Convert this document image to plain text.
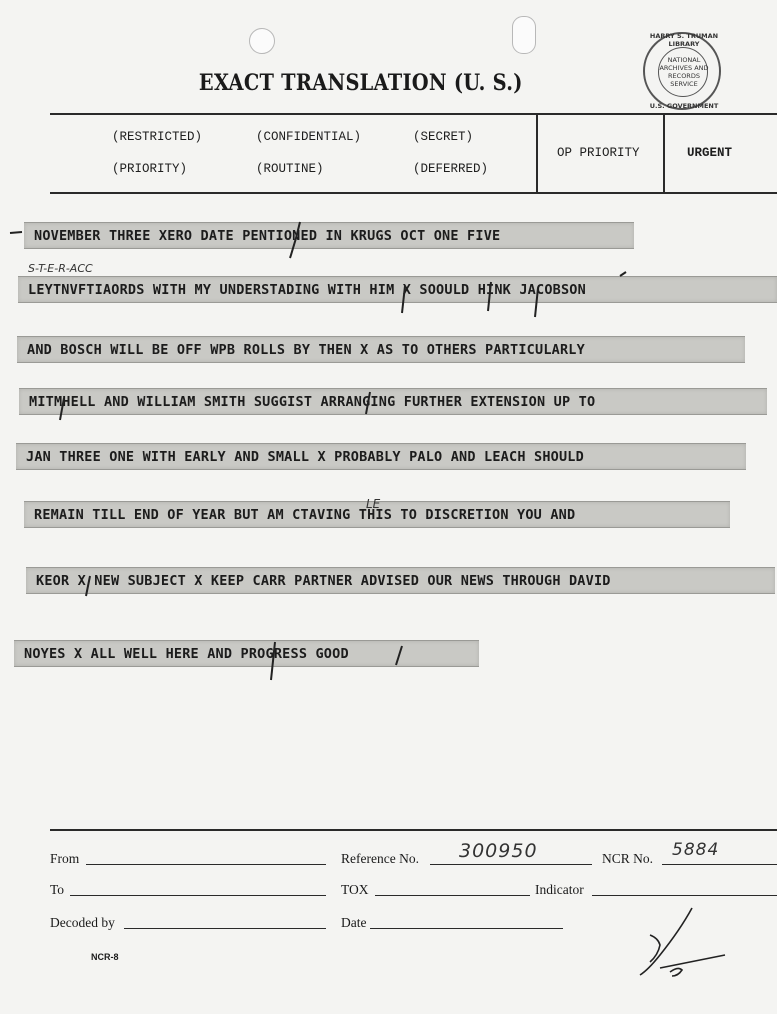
EXACT TRANSLATION (U. S.)
HARRY S. TRUMAN LIBRARY
NATIONAL ARCHIVES AND RECORDS SERVICE
U.S. GOVERNMENT
(RESTRICTED)	(CONFIDENTIAL)	(SECRET)
(PRIORITY)	(ROUTINE)	(DEFERRED)
OP PRIORITY	URGENT
NOVEMBER THREE XERO DATE PENTIONED IN KRUGS OCT ONE FIVE
LEYTNVFTIAORDS WITH MY UNDERSTADING WITH HIM X SOOULD HINK JACOBSON
AND BOSCH WILL BE OFF WPB ROLLS BY THEN X AS TO OTHERS PARTICULARLY
MITMHELL AND WILLIAM SMITH SUGGIST ARRANGING FURTHER EXTENSION UP TO
JAN THREE ONE WITH EARLY AND SMALL X PROBABLY PALO AND LEACH SHOULD
REMAIN TILL END OF YEAR BUT AM CTAVING THIS TO DISCRETION YOU AND
KEOR X NEW SUBJECT X KEEP CARR PARTNER ADVISED OUR NEWS THROUGH DAVID
NOYES X ALL WELL HERE AND PROGRESS GOOD
S-T-E-R-ACC
LE
From	Reference No. 300950	NCR No. 5884
To	TOX	Indicator
Decoded by	Date
NCR-8
